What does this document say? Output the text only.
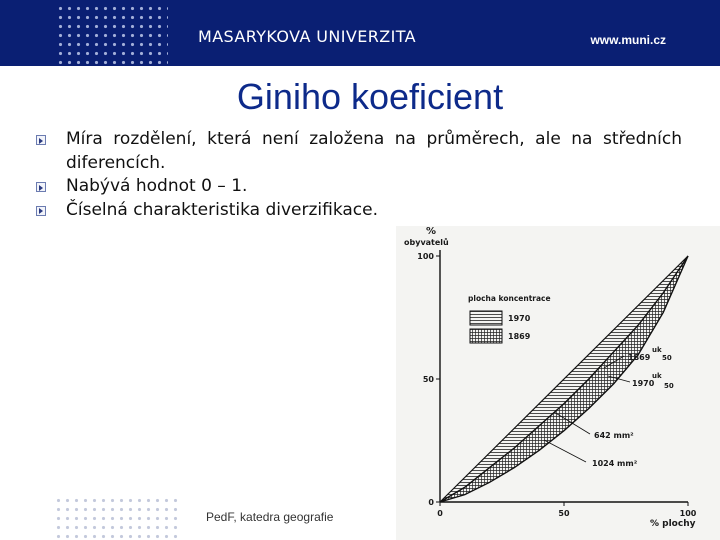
MASARYKOVA UNIVERZITA	www.muni.cz
Giniho koeficient
Míra rozdělení, která není založena na průměrech, ale na středních diferencích.
Nabývá hodnot 0 – 1.
Číselná charakteristika diverzifikace.
0	50	100
0
50
100
%
obyvatelů
% plochy
plocha koncentrace
1970
1869
1869
uk
50
1970
uk
50
642 mm²
1024 mm²
PedF, katedra geografie
